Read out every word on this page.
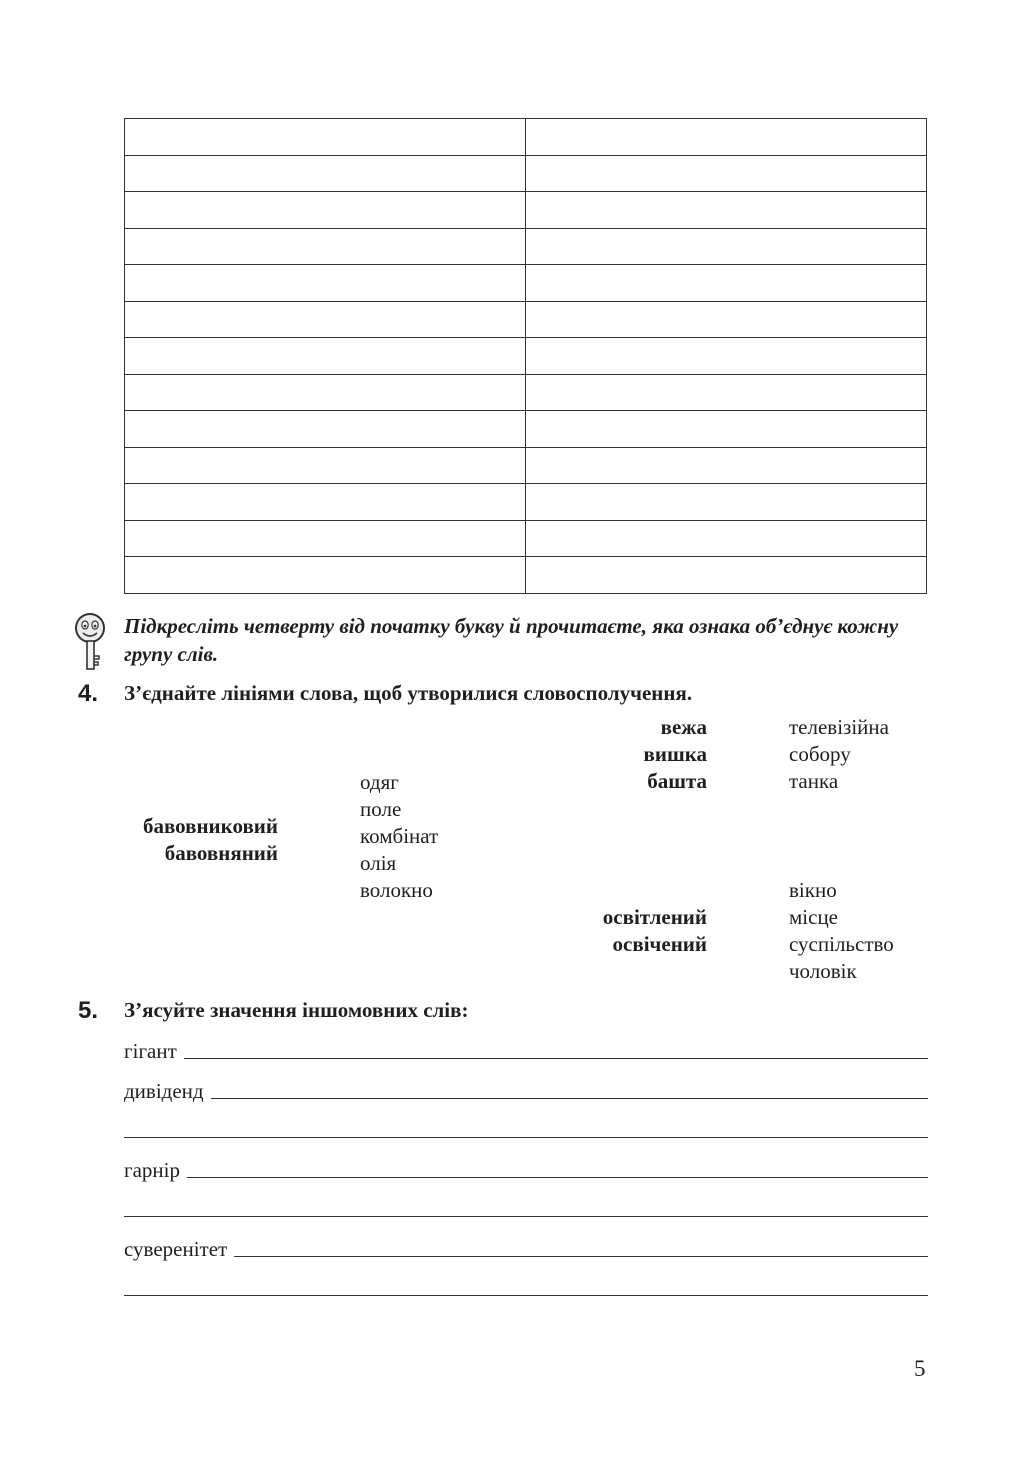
Підкресліть четверту від початку букву й прочитаєте, яка ознака об’єднує кожну групу слів.
4. З’єднайте лініями слова, щоб утворилися словосполучення.
бавовниковий
бавовняний
одяг
поле
комбінат
олія
волокно
вежа
вишка
башта
телевізійна
собору
танка
освітлений
освічений
вікно
місце
суспільство
чоловік
5. З’ясуйте значення іншомовних слів:
гігант
дивіденд
гарнір
суверенітет
5
